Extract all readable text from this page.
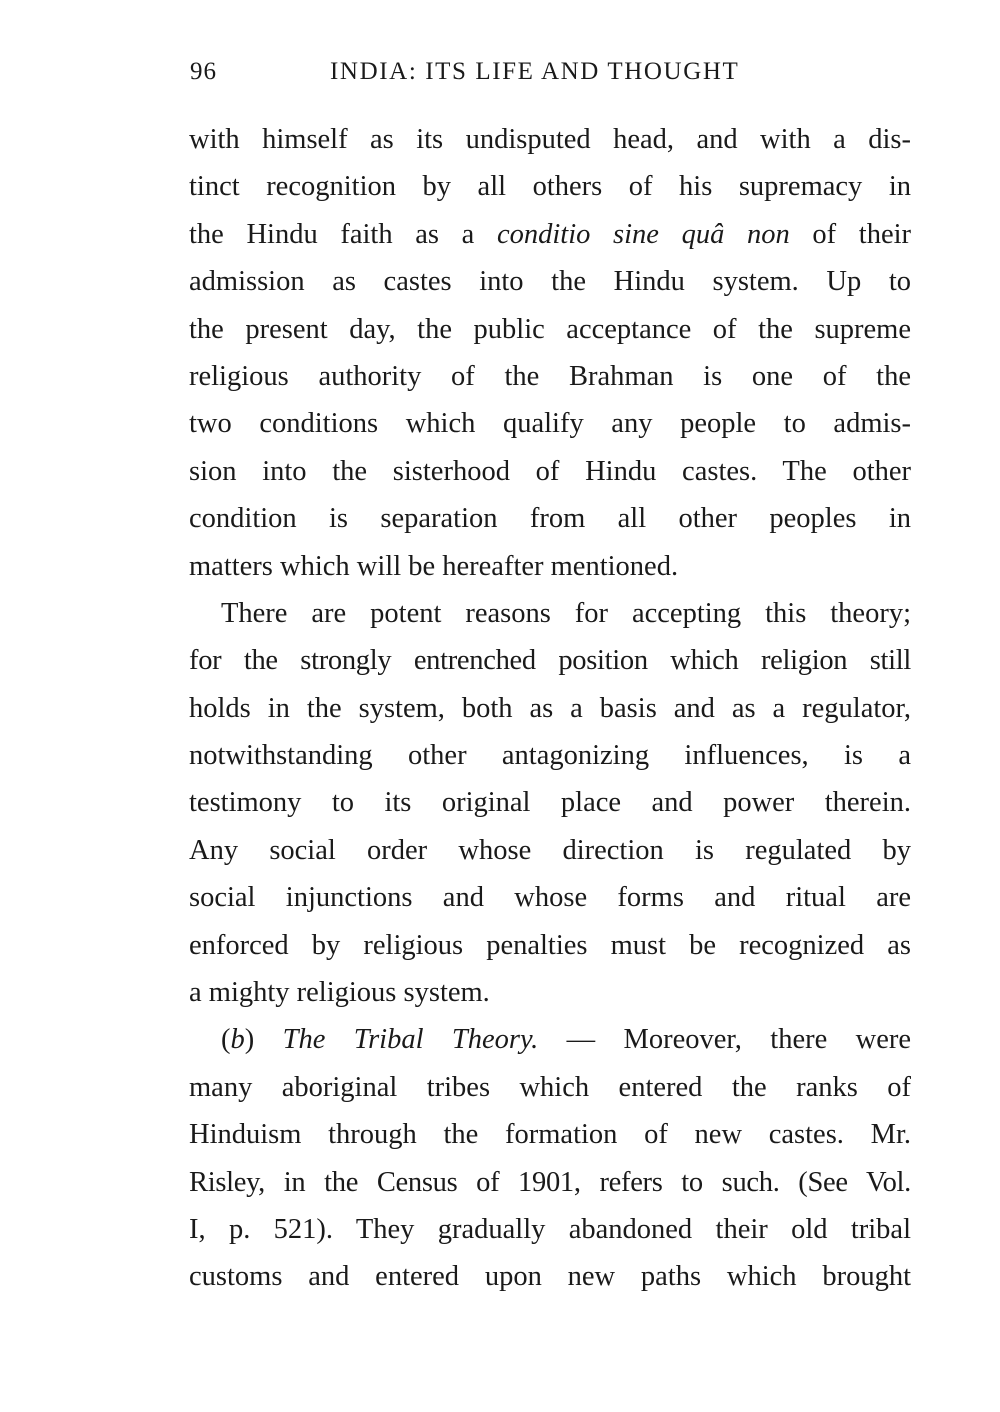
96	INDIA: ITS LIFE AND THOUGHT
with himself as its undisputed head, and with a dis-
tinct recognition by all others of his supremacy in
the Hindu faith as a conditio sine quâ non of their
admission as castes into the Hindu system. Up to
the present day, the public acceptance of the supreme
religious authority of the Brahman is one of the
two conditions which qualify any people to admis-
sion into the sisterhood of Hindu castes. The other
condition is separation from all other peoples in
matters which will be hereafter mentioned.
There are potent reasons for accepting this theory;
for the strongly entrenched position which religion still
holds in the system, both as a basis and as a regulator,
notwithstanding other antagonizing influences, is a
testimony to its original place and power therein.
Any social order whose direction is regulated by
social injunctions and whose forms and ritual are
enforced by religious penalties must be recognized as
a mighty religious system.
(b) The Tribal Theory. — Moreover, there were
many aboriginal tribes which entered the ranks of
Hinduism through the formation of new castes. Mr.
Risley, in the Census of 1901, refers to such. (See Vol.
I, p. 521). They gradually abandoned their old tribal
customs and entered upon new paths which brought
